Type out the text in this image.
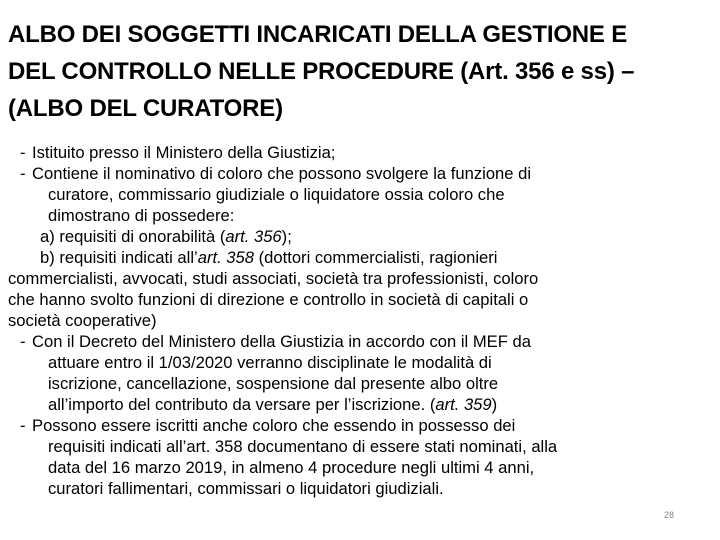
ALBO DEI SOGGETTI INCARICATI DELLA GESTIONE E
DEL CONTROLLO NELLE PROCEDURE (Art. 356 e ss) –
(ALBO DEL CURATORE)
- Istituito presso il Ministero della Giustizia;
- Contiene il nominativo di coloro che possono svolgere la funzione di
curatore, commissario giudiziale o liquidatore ossia coloro che
dimostrano di possedere:
a) requisiti di onorabilità (art. 356);
b) requisiti indicati all’art. 358 (dottori commercialisti, ragionieri
commercialisti, avvocati, studi associati, società tra professionisti, coloro
che hanno svolto funzioni di direzione e controllo in società di capitali o
società cooperative)
- Con il Decreto del Ministero della Giustizia in accordo con il MEF da
attuare entro il 1/03/2020 verranno disciplinate le modalità di
iscrizione, cancellazione, sospensione dal presente albo oltre
all’importo del contributo da versare per l’iscrizione. (art. 359)
- Possono essere iscritti anche coloro che essendo in possesso dei
requisiti indicati all’art. 358 documentano di essere stati nominati, alla
data del 16 marzo 2019, in almeno 4 procedure negli ultimi 4 anni,
curatori fallimentari, commissari o liquidatori giudiziali.
28
